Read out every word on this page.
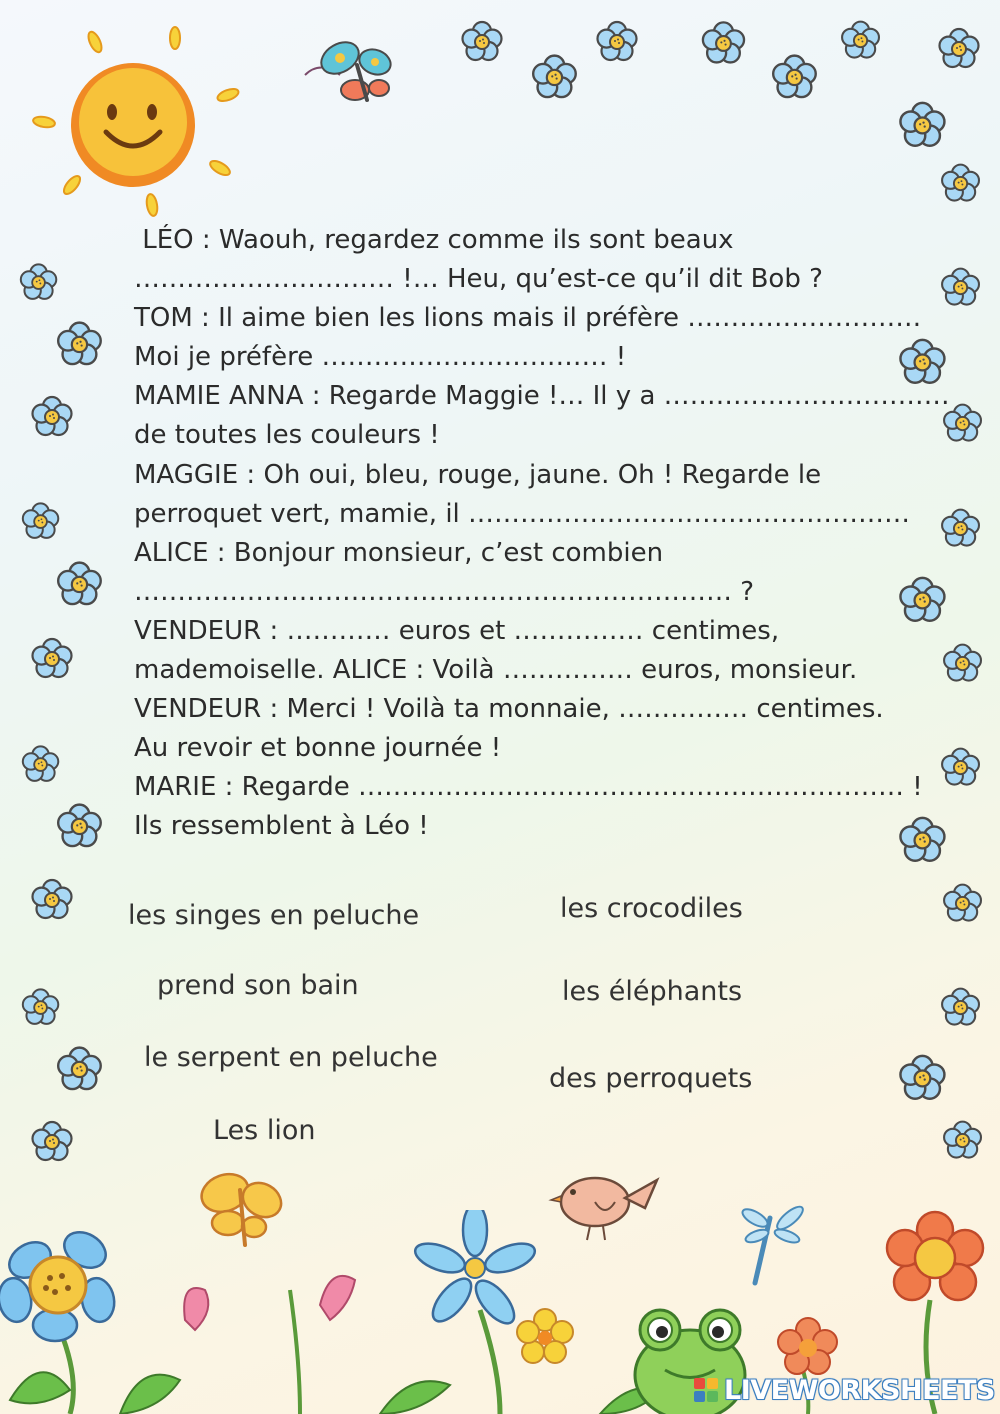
LÉO : Waouh, regardez comme ils sont beaux
………………………… !… Heu, qu’est-ce qu’il dit Bob ?
TOM : Il aime bien les lions mais il préfère ………………………
Moi je préfère …………………………… !
MAMIE ANNA : Regarde Maggie !… Il y a ……………………………
de toutes les couleurs !
MAGGIE : Oh oui, bleu, rouge, jaune. Oh ! Regarde le
perroquet vert, mamie, il ……………………………………………
ALICE : Bonjour monsieur, c’est combien
…………………………………………………………… ?
VENDEUR : ………… euros et …………… centimes,
mademoiselle. ALICE : Voilà …………… euros, monsieur.
VENDEUR : Merci ! Voilà ta monnaie, …………… centimes.
Au revoir et bonne journée !
MARIE : Regarde ……………………………………………………… !
Ils ressemblent à Léo !
les singes en peluche	les crocodiles
prend son bain	les éléphants
le serpent en peluche
des perroquets
Les lion
LIVEWORKSHEETS
